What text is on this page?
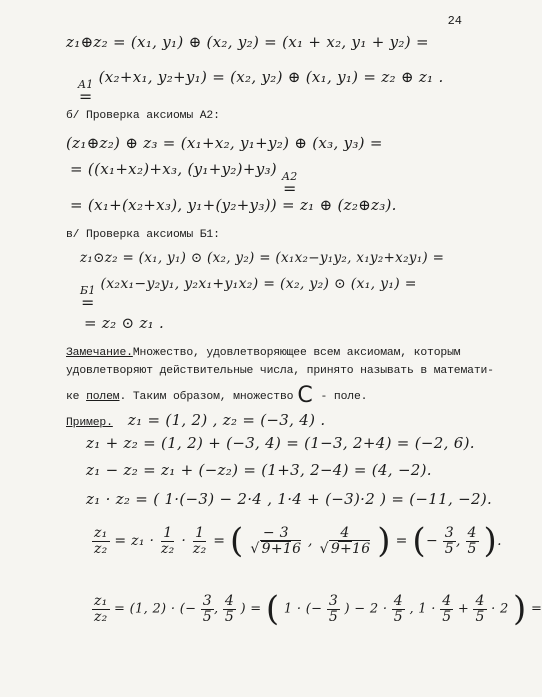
24
z₁⊕z₂ = (x₁, y₁) ⊕ (x₂, y₂) = (x₁ + x₂, y₁ + y₂) =
A1
=
(x₂+x₁, y₂+y₁) = (x₂, y₂) ⊕ (x₁, y₁) = z₂ ⊕ z₁ .
б/ Проверка аксиомы А2:
(z₁⊕z₂) ⊕ z₃ = (x₁+x₂, y₁+y₂) ⊕ (x₃, y₃) =
= ((x₁+x₂)+x₃, (y₁+y₂)+y₃) A2
=
= (x₁+(x₂+x₃), y₁+(y₂+y₃)) = z₁ ⊕ (z₂⊕z₃).
в/ Проверка аксиомы Б1:
z₁⊙z₂ = (x₁, y₁) ⊙ (x₂, y₂) = (x₁x₂−y₁y₂, x₁y₂+x₂y₁) =
Б1
=
(x₂x₁−y₂y₁, y₂x₁+y₁x₂) = (x₂, y₂) ⊙ (x₁, y₁) =
= z₂ ⊙ z₁ .
Замечание.Множество, удовлетворяющее всем аксиомам, которым
удовлетворяют действительные числа, принято называть в математи-
ке полем. Таким образом, множество C - поле.
Пример. z₁ = (1, 2) , z₂ = (−3, 4) .
z₁ + z₂ = (1, 2) + (−3, 4) = (1−3, 2+4) = (−2, 6).
z₁ − z₂ = z₁ + (−z₂) = (1+3, 2−4) = (4, −2).
z₁ · z₂ = ( 1·(−3) − 2·4 , 1·4 + (−3)·2 ) = (−11, −2).
$\frac{\text{z₁}}{\text{z₂}} = z_1 \cdot \frac{1}{\text{z₂}} \cdot \frac{1}{\text{z₂}}$ = ( $\frac{- 3}{√ 9+16}$ , $\frac{4}{√ 9+16}$ ) = (− $\frac{3}{5}$ , $\frac{4}{5}$ ).
$\frac{\text{z₁}}{\text{z₂}} = (1$, 2) · (− $\frac{3}{5}$ , $\frac{4}{5}$ ) = ( 1 · (− $\frac{3}{5}$ ) − $2 \cdot \frac{4}{5}$ , $1 \cdot \frac{4}{5} + \frac{4}{5} \cdot 2$ ) =
